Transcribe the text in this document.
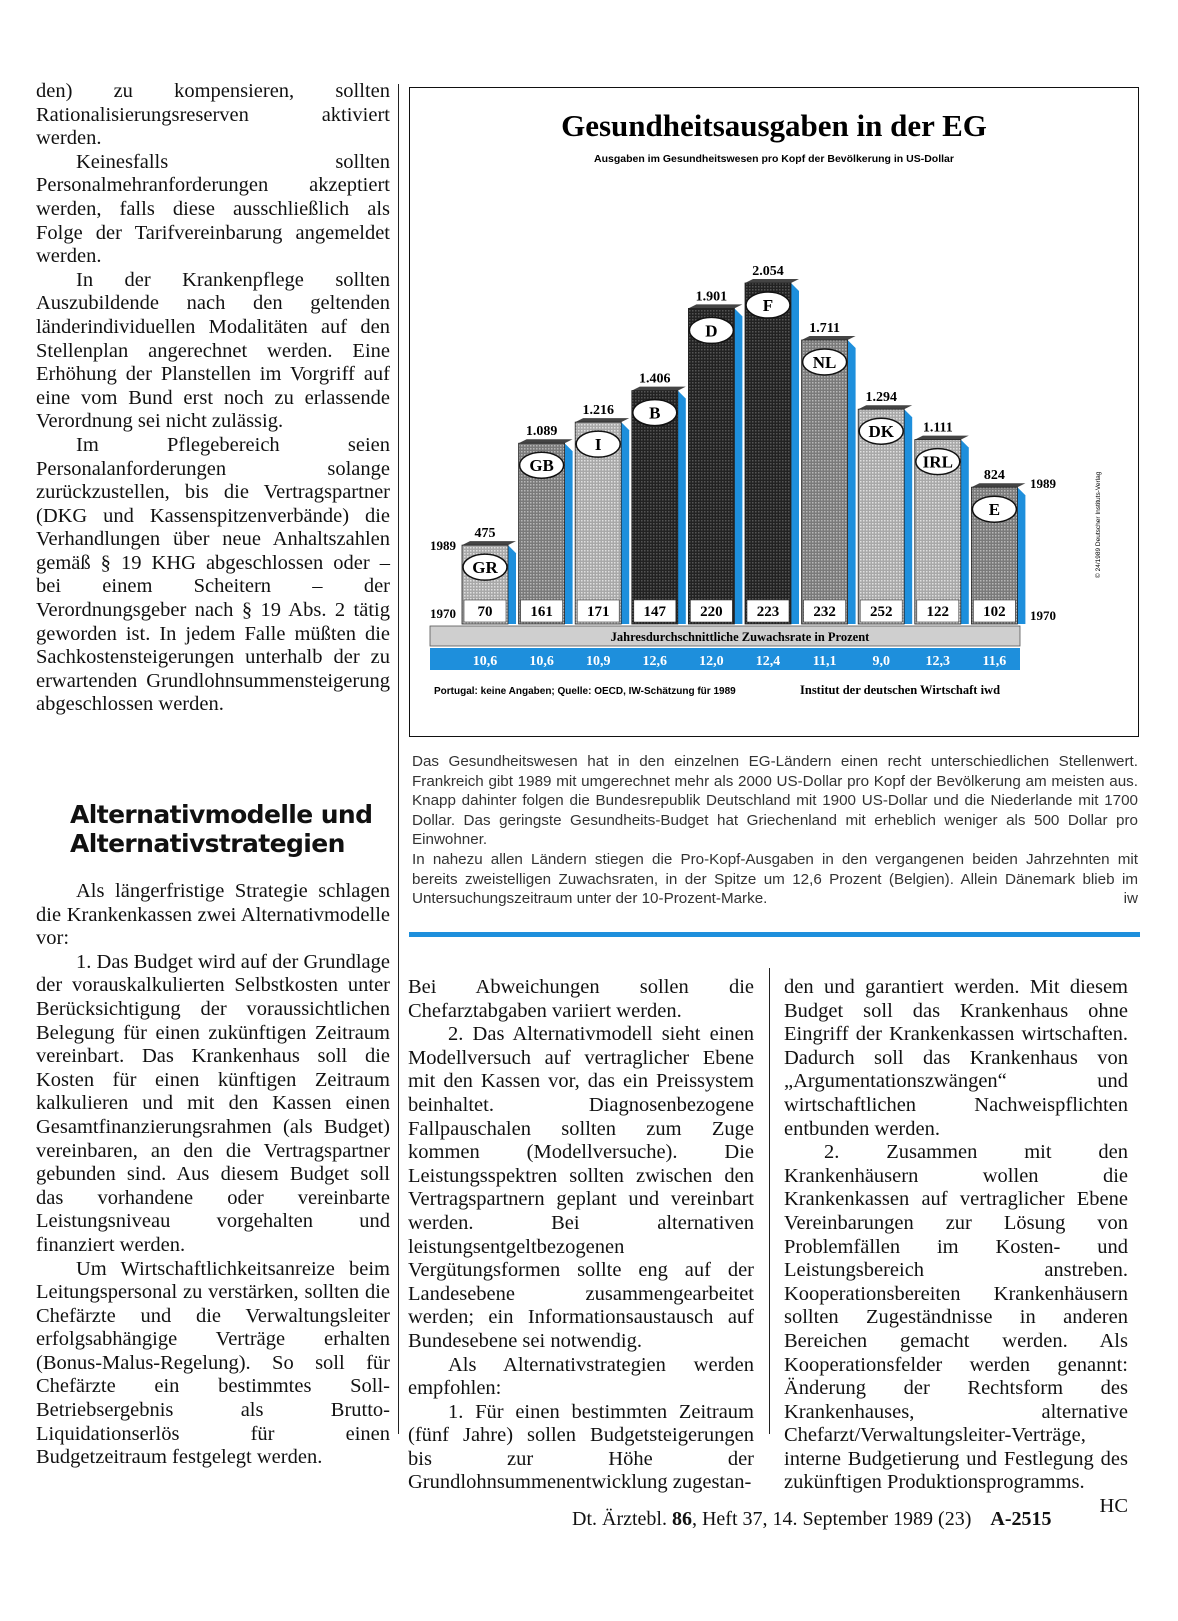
den) zu kompensieren, sollten Rationalisierungsreserven aktiviert werden.

Keinesfalls sollten Personalmehranforderungen akzeptiert werden, falls diese ausschließlich als Folge der Tarifvereinbarung angemeldet werden.

In der Krankenpflege sollten Auszubildende nach den geltenden länderindividuellen Modalitäten auf den Stellenplan angerechnet werden. Eine Erhöhung der Planstellen im Vorgriff auf eine vom Bund erst noch zu erlassende Verordnung sei nicht zulässig.

Im Pflegebereich seien Personalanforderungen solange zurückzustellen, bis die Vertragspartner (DKG und Kassenspitzenverbände) die Verhandlungen über neue Anhaltszahlen gemäß § 19 KHG abgeschlossen oder – bei einem Scheitern – der Verordnungsgeber nach § 19 Abs. 2 tätig geworden ist. In jedem Falle müßten die Sachkostensteigerungen unterhalb der zu erwartenden Grundlohnsummensteigerung abgeschlossen werden.

Alternativmodelle und
Alternativstrategien

Als längerfristige Strategie schlagen die Krankenkassen zwei Alternativmodelle vor:

1. Das Budget wird auf der Grundlage der vorauskalkulierten Selbstkosten unter Berücksichtigung der voraussichtlichen Belegung für einen zukünftigen Zeitraum vereinbart. Das Krankenhaus soll die Kosten für einen künftigen Zeitraum kalkulieren und mit den Kassen einen Gesamtfinanzierungsrahmen (als Budget) vereinbaren, an den die Vertragspartner gebunden sind. Aus diesem Budget soll das vorhandene oder vereinbarte Leistungsniveau vorgehalten und finanziert werden.

Um Wirtschaftlichkeitsanreize beim Leitungspersonal zu verstärken, sollten die Chefärzte und die Verwaltungsleiter erfolgsabhängige Verträge erhalten (Bonus-Malus-Regelung). So soll für Chefärzte ein bestimmtes Soll-Betriebsergebnis als Brutto-Liquidationserlös für einen Budgetzeitraum festgelegt werden.

Gesundheitsausgaben in der EG
Ausgaben im Gesundheitswesen pro Kopf der Bevölkerung in US-Dollar
70
475
GR
161
1.089
GB
171
1.216
I
147
1.406
B
220
1.901
D
223
2.054
F
232
1.711
NL
252
1.294
DK
122
1.111
IRL
102
824
E
1989
1970
1989
1970
Jahresdurchschnittliche Zuwachsrate in Prozent
10,6 10,6 10,9 12,6 12,0 12,4 11,1	9,0	12,3 11,6
Portugal: keine Angaben; Quelle: OECD, IW-Schätzung für 1989	Institut der deutschen Wirtschaft iwd
© 24/1989 Deutscher Instituts-Verlag

Das Gesundheitswesen hat in den einzelnen EG-Ländern einen recht unterschiedlichen Stellenwert. Frankreich gibt 1989 mit umgerechnet mehr als 2000 US-Dollar pro Kopf der Bevölkerung am meisten aus. Knapp dahinter folgen die Bundesrepublik Deutschland mit 1900 US-Dollar und die Niederlande mit 1700 Dollar. Das geringste Gesundheits-Budget hat Griechenland mit erheblich weniger als 500 Dollar pro Einwohner.

In nahezu allen Ländern stiegen die Pro-Kopf-Ausgaben in den vergangenen beiden Jahrzehnten mit bereits zweistelligen Zuwachsraten, in der Spitze um 12,6 Prozent (Belgien). Allein Dänemark blieb im Untersuchungszeitraum unter der 10-Prozent-Marke.	iw

Bei Abweichungen sollen die Chefarztabgaben variiert werden.

2. Das Alternativmodell sieht einen Modellversuch auf vertraglicher Ebene mit den Kassen vor, das ein Preissystem beinhaltet. Diagnosenbezogene Fallpauschalen sollten zum Zuge kommen (Modellversuche). Die Leistungsspektren sollten zwischen den Vertragspartnern geplant und vereinbart werden. Bei alternativen leistungsentgeltbezogenen Vergütungsformen sollte eng auf der Landesebene zusammengearbeitet werden; ein Informationsaustausch auf Bundesebene sei notwendig.

Als Alternativstrategien werden empfohlen:

1. Für einen bestimmten Zeitraum (fünf Jahre) sollen Budgetsteigerungen bis zur Höhe der Grundlohnsummenentwicklung zugestan-

den und garantiert werden. Mit diesem Budget soll das Krankenhaus ohne Eingriff der Krankenkassen wirtschaften. Dadurch soll das Krankenhaus von „Argumentationszwängen“ und wirtschaftlichen Nachweispflichten entbunden werden.

2. Zusammen mit den Krankenhäusern wollen die Krankenkassen auf vertraglicher Ebene Vereinbarungen zur Lösung von Problemfällen im Kosten- und Leistungsbereich anstreben. Kooperationsbereiten Krankenhäusern sollten Zugeständnisse in anderen Bereichen gemacht werden. Als Kooperationsfelder werden genannt: Änderung der Rechtsform des Krankenhauses, alternative Chefarzt/Verwaltungsleiter-Verträge, interne Budgetierung und Festlegung des zukünftigen Produktionsprogramms.
HC

Dt. Ärztebl. 86, Heft 37, 14. September 1989 (23) A-2515
